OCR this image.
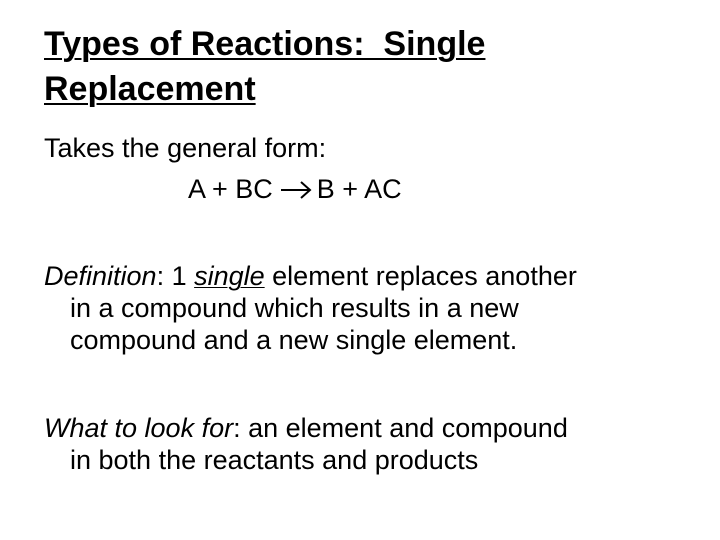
Types of Reactions:  Single
Replacement

Takes the general form:

A + BC B + AC

Definition: 1 single element replaces another
in a compound which results in a new
compound and a new single element.

What to look for: an element and compound
in both the reactants and products
